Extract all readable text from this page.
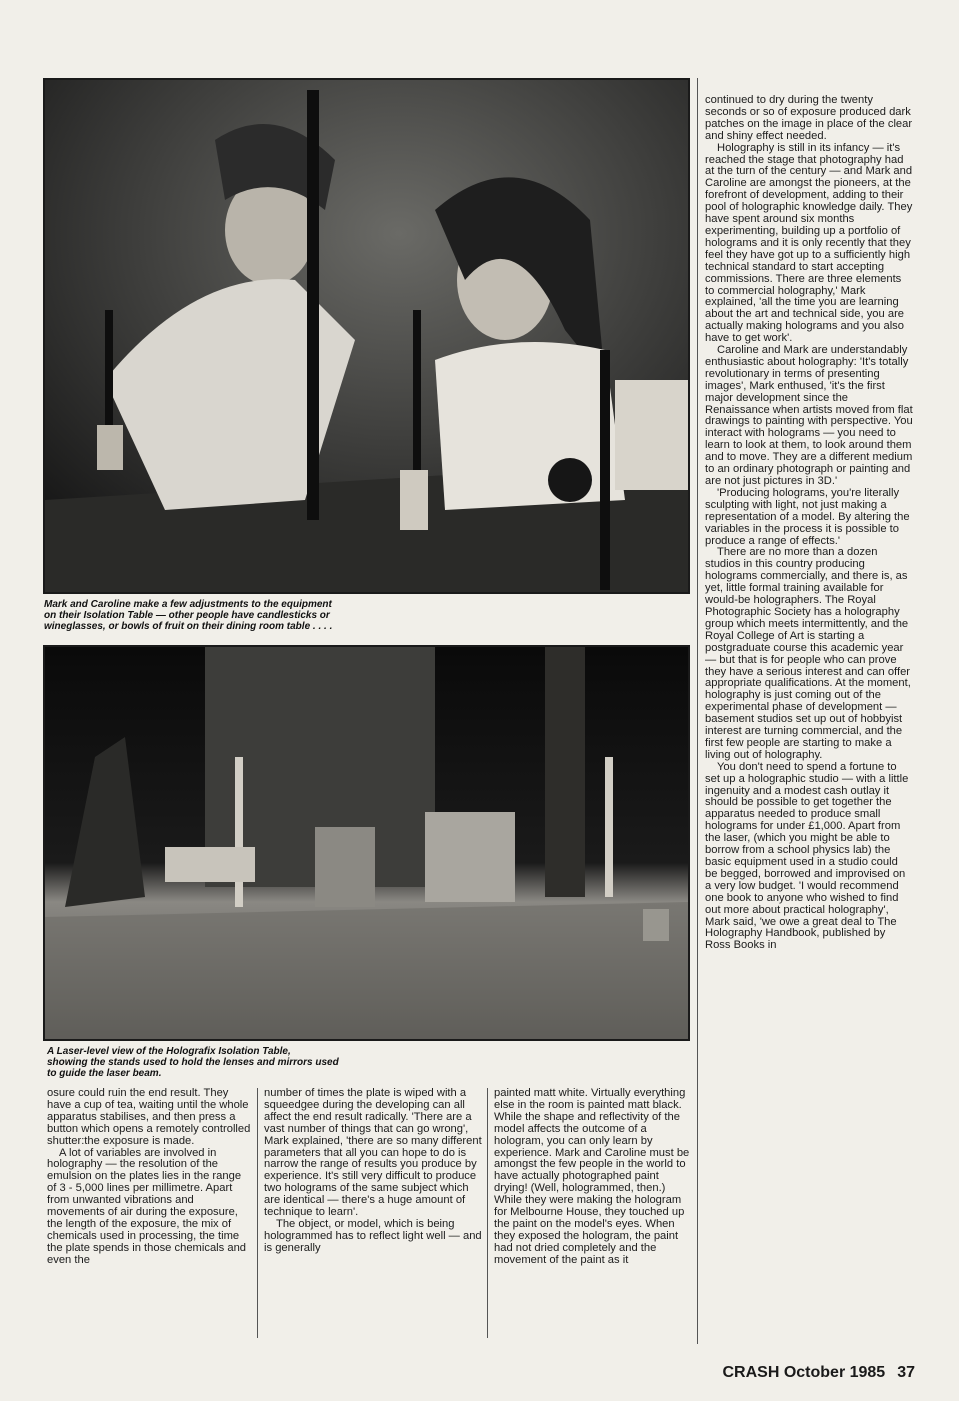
Mark and Caroline make a few adjustments to the equipment
on their Isolation Table — other people have candlesticks or
wineglasses, or bowls of fruit on their dining room table . . . .
A Laser-level view of the Holografix Isolation Table,
showing the stands used to hold the lenses and mirrors used
to guide the laser beam.

continued to dry during the twenty seconds or so of exposure produced dark patches on the image in place of the clear and shiny effect needed.

Holography is still in its infancy — it's reached the stage that photography had at the turn of the century — and Mark and Caroline are amongst the pioneers, at the forefront of development, adding to their pool of holographic knowledge daily. They have spent around six months experimenting, building up a portfolio of holograms and it is only recently that they feel they have got up to a sufficiently high technical standard to start accepting commissions. There are three elements to commercial holography,' Mark explained, 'all the time you are learning about the art and technical side, you are actually making holograms and you also have to get work'.

Caroline and Mark are understandably enthusiastic about holography: 'It's totally revolutionary in terms of presenting images', Mark enthused, 'it's the first major development since the Renaissance when artists moved from flat drawings to painting with perspective. You interact with holograms — you need to learn to look at them, to look around them and to move. They are a different medium to an ordinary photograph or painting and are not just pictures in 3D.'

'Producing holograms, you're literally sculpting with light, not just making a representation of a model. By altering the variables in the process it is possible to produce a range of effects.'

There are no more than a dozen studios in this country producing holograms commercially, and there is, as yet, little formal training available for would-be holographers. The Royal Photographic Society has a holography group which meets intermittently, and the Royal College of Art is starting a postgraduate course this academic year — but that is for people who can prove they have a serious interest and can offer appropriate qualifications. At the moment, holography is just coming out of the experimental phase of development — basement studios set up out of hobbyist interest are turning commercial, and the first few people are starting to make a living out of holography.

You don't need to spend a fortune to set up a holographic studio — with a little ingenuity and a modest cash outlay it should be possible to get together the apparatus needed to produce small holograms for under £1,000. Apart from the laser, (which you might be able to borrow from a school physics lab) the basic equipment used in a studio could be begged, borrowed and improvised on a very low budget. 'I would recommend one book to anyone who wished to find out more about practical holography', Mark said, 'we owe a great deal to The Holography Handbook, published by Ross Books in

osure could ruin the end result. They have a cup of tea, waiting until the whole apparatus stabilises, and then press a button which opens a remotely controlled shutter:the exposure is made.

A lot of variables are involved in holography — the resolution of the emulsion on the plates lies in the range of 3 - 5,000 lines per millimetre. Apart from unwanted vibrations and movements of air during the exposure, the length of the exposure, the mix of chemicals used in processing, the time the plate spends in those chemicals and even the

number of times the plate is wiped with a squeedgee during the developing can all affect the end result radically. 'There are a vast number of things that can go wrong', Mark explained, 'there are so many different parameters that all you can hope to do is narrow the range of results you produce by experience. It's still very difficult to produce two holograms of the same subject which are identical — there's a huge amount of technique to learn'.

The object, or model, which is being hologrammed has to reflect light well — and is generally

painted matt white. Virtually everything else in the room is painted matt black. While the shape and reflectivity of the model affects the outcome of a hologram, you can only learn by experience. Mark and Caroline must be amongst the few people in the world to have actually photographed paint drying! (Well, hologrammed, then.) While they were making the hologram for Melbourne House, they touched up the paint on the model's eyes. When they exposed the hologram, the paint had not dried completely and the movement of the paint as it

CRASH October 1985 37
